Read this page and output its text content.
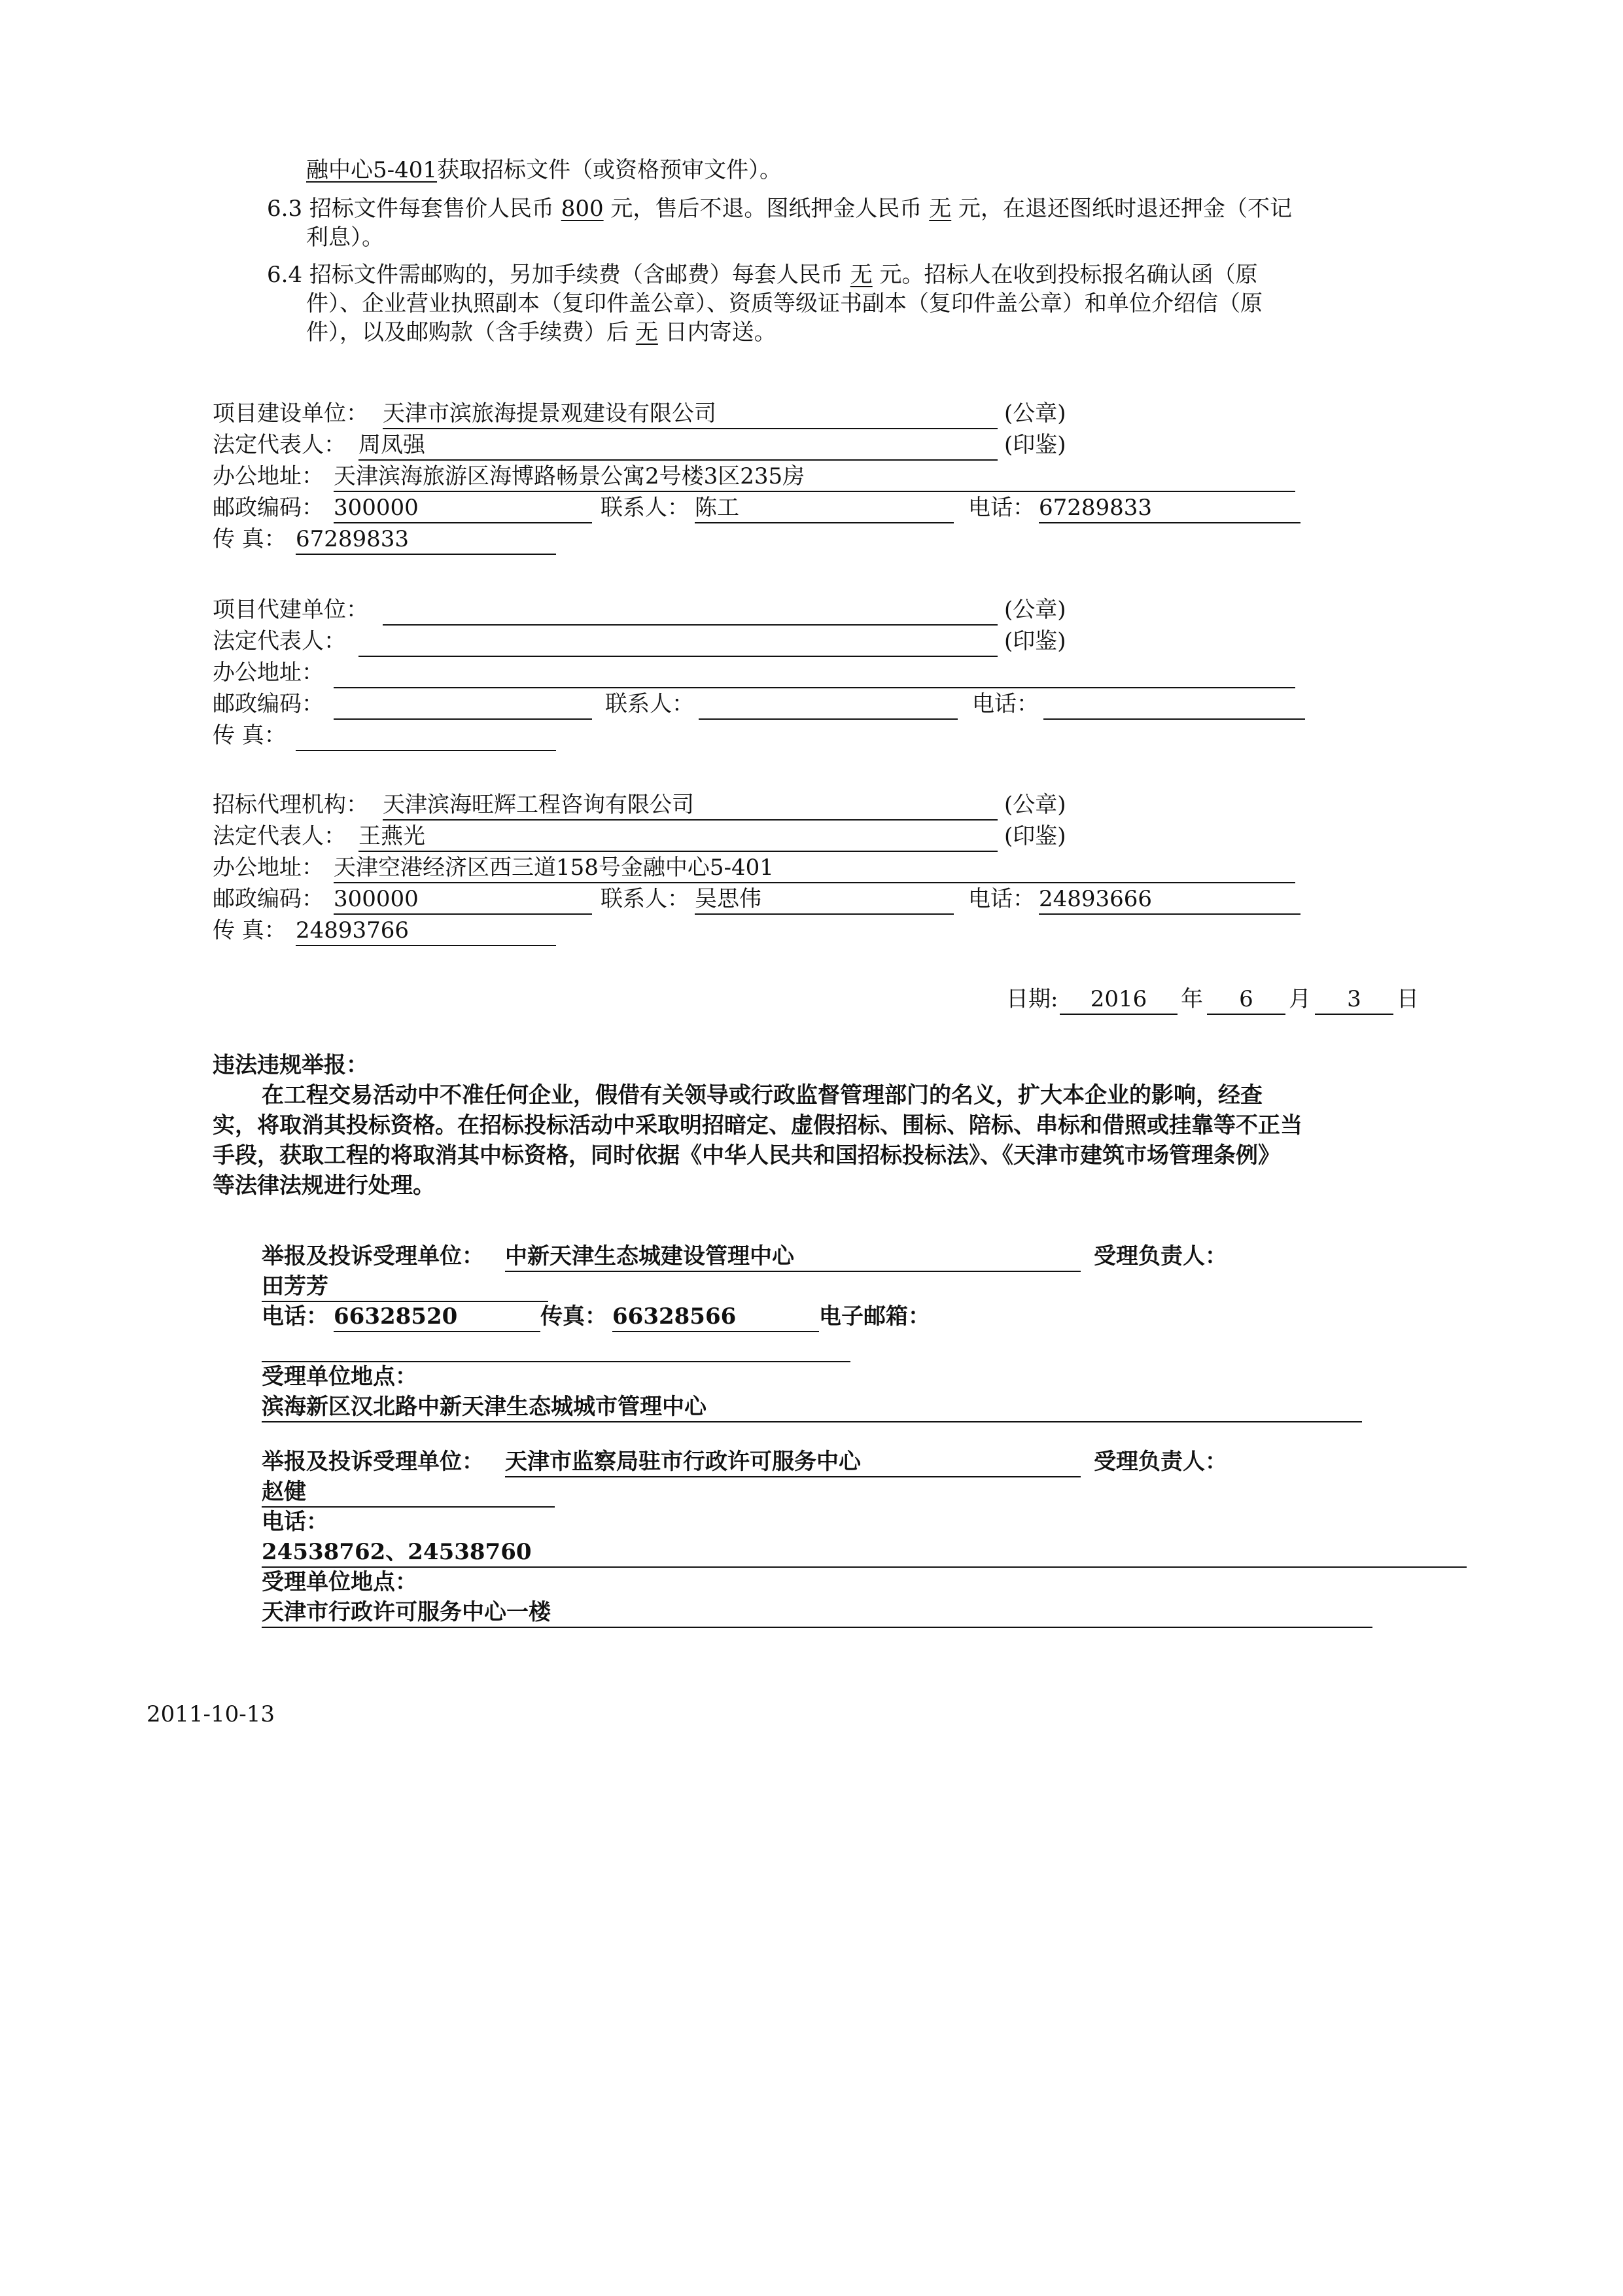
融中心5-401获取招标文件（或资格预审文件）。
6.3 招标文件每套售价人民币 800 元，售后不退。图纸押金人民币 无 元，在退还图纸时退还押金（不记
利息）。
6.4 招标文件需邮购的，另加手续费（含邮费）每套人民币 无 元。招标人在收到投标报名确认函（原
件）、企业营业执照副本（复印件盖公章）、资质等级证书副本（复印件盖公章）和单位介绍信（原
件），以及邮购款（含手续费）后 无 日内寄送。
项目建设单位： 天津市滨旅海提景观建设有限公司	(公章)
法定代表人： 周凤强	(印鉴)
办公地址： 天津滨海旅游区海博路畅景公寓2号楼3区235房
邮政编码： 300000	联系人： 陈工	电话： 67289833
传 真： 67289833
项目代建单位：	(公章)
法定代表人：	(印鉴)
办公地址：
邮政编码：	联系人：	电话：
传 真：
招标代理机构： 天津滨海旺辉工程咨询有限公司	(公章)
法定代表人： 王燕光	(印鉴)
办公地址： 天津空港经济区西三道158号金融中心5-401
邮政编码： 300000	联系人： 吴思伟	电话： 24893666
传 真： 24893766
日期:	2016	年	6	月	3	日
违法违规举报：
在工程交易活动中不准任何企业，假借有关领导或行政监督管理部门的名义，扩大本企业的影响，经查
实，将取消其投标资格。在招标投标活动中采取明招暗定、虚假招标、围标、陪标、串标和借照或挂靠等不正当
手段，获取工程的将取消其中标资格，同时依据《中华人民共和国招标投标法》、《天津市建筑市场管理条例》
等法律法规进行处理。
举报及投诉受理单位： 中新天津生态城建设管理中心	受理负责人：
田芳芳
电话： 66328520	传真： 66328566	电子邮箱：
受理单位地点：
滨海新区汉北路中新天津生态城城市管理中心
举报及投诉受理单位： 天津市监察局驻市行政许可服务中心	受理负责人：
赵健
电话：
24538762、24538760
受理单位地点：
天津市行政许可服务中心一楼
2011-10-13
